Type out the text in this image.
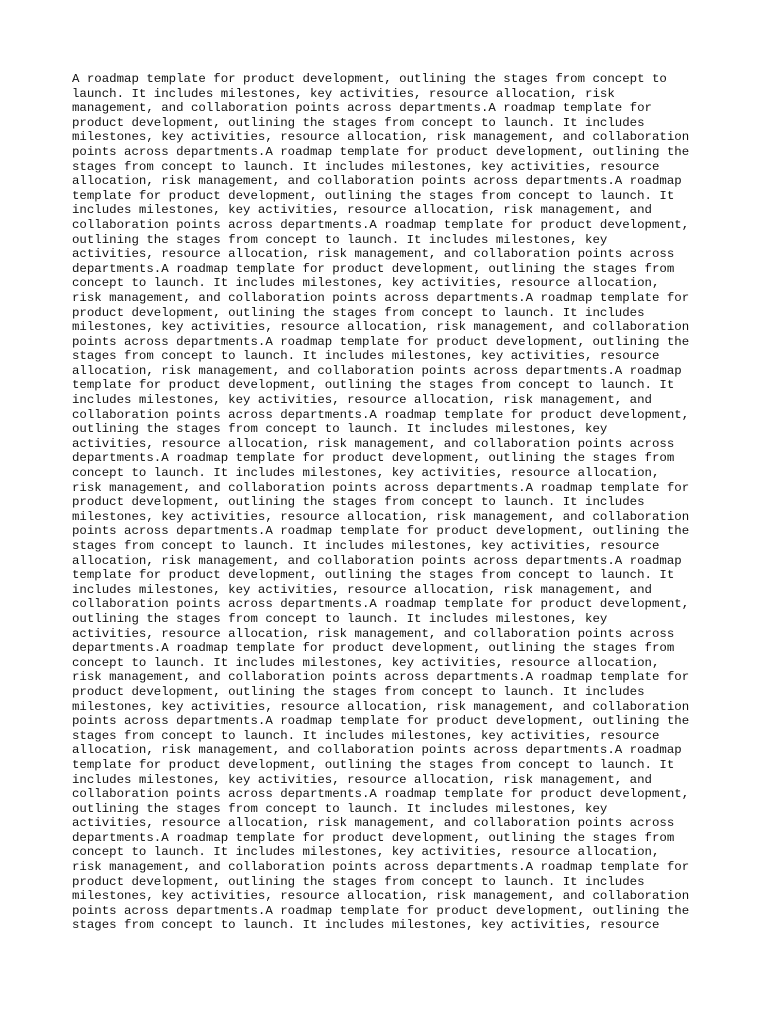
A roadmap template for product development, outlining the stages from concept to
launch. It includes milestones, key activities, resource allocation, risk
management, and collaboration points across departments.A roadmap template for
product development, outlining the stages from concept to launch. It includes
milestones, key activities, resource allocation, risk management, and collaboration
points across departments.A roadmap template for product development, outlining the
stages from concept to launch. It includes milestones, key activities, resource
allocation, risk management, and collaboration points across departments.A roadmap
template for product development, outlining the stages from concept to launch. It
includes milestones, key activities, resource allocation, risk management, and
collaboration points across departments.A roadmap template for product development,
outlining the stages from concept to launch. It includes milestones, key
activities, resource allocation, risk management, and collaboration points across
departments.A roadmap template for product development, outlining the stages from
concept to launch. It includes milestones, key activities, resource allocation,
risk management, and collaboration points across departments.A roadmap template for
product development, outlining the stages from concept to launch. It includes
milestones, key activities, resource allocation, risk management, and collaboration
points across departments.A roadmap template for product development, outlining the
stages from concept to launch. It includes milestones, key activities, resource
allocation, risk management, and collaboration points across departments.A roadmap
template for product development, outlining the stages from concept to launch. It
includes milestones, key activities, resource allocation, risk management, and
collaboration points across departments.A roadmap template for product development,
outlining the stages from concept to launch. It includes milestones, key
activities, resource allocation, risk management, and collaboration points across
departments.A roadmap template for product development, outlining the stages from
concept to launch. It includes milestones, key activities, resource allocation,
risk management, and collaboration points across departments.A roadmap template for
product development, outlining the stages from concept to launch. It includes
milestones, key activities, resource allocation, risk management, and collaboration
points across departments.A roadmap template for product development, outlining the
stages from concept to launch. It includes milestones, key activities, resource
allocation, risk management, and collaboration points across departments.A roadmap
template for product development, outlining the stages from concept to launch. It
includes milestones, key activities, resource allocation, risk management, and
collaboration points across departments.A roadmap template for product development,
outlining the stages from concept to launch. It includes milestones, key
activities, resource allocation, risk management, and collaboration points across
departments.A roadmap template for product development, outlining the stages from
concept to launch. It includes milestones, key activities, resource allocation,
risk management, and collaboration points across departments.A roadmap template for
product development, outlining the stages from concept to launch. It includes
milestones, key activities, resource allocation, risk management, and collaboration
points across departments.A roadmap template for product development, outlining the
stages from concept to launch. It includes milestones, key activities, resource
allocation, risk management, and collaboration points across departments.A roadmap
template for product development, outlining the stages from concept to launch. It
includes milestones, key activities, resource allocation, risk management, and
collaboration points across departments.A roadmap template for product development,
outlining the stages from concept to launch. It includes milestones, key
activities, resource allocation, risk management, and collaboration points across
departments.A roadmap template for product development, outlining the stages from
concept to launch. It includes milestones, key activities, resource allocation,
risk management, and collaboration points across departments.A roadmap template for
product development, outlining the stages from concept to launch. It includes
milestones, key activities, resource allocation, risk management, and collaboration
points across departments.A roadmap template for product development, outlining the
stages from concept to launch. It includes milestones, key activities, resource
